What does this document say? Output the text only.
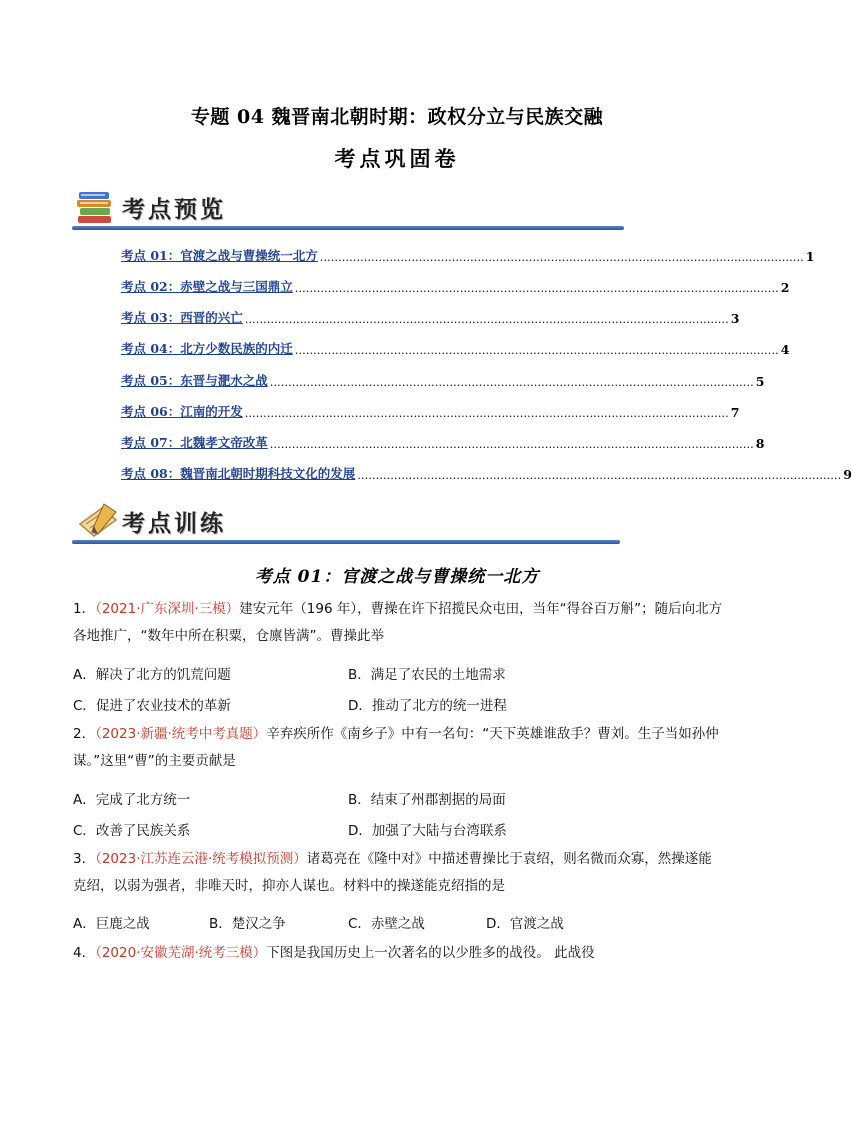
专题 04 魏晋南北朝时期：政权分立与民族交融
考点巩固卷
考点预览
考点 01：官渡之战与曹操统一北方 …………………………………………………………………………………………………………………… 1
考点 02：赤壁之战与三国鼎立 …………………………………………………………………………………………………………………… 2
考点 03：西晋的兴亡 …………………………………………………………………………………………………………………… 3
考点 04：北方少数民族的内迁 …………………………………………………………………………………………………………………… 4
考点 05：东晋与淝水之战 …………………………………………………………………………………………………………………… 5
考点 06：江南的开发 …………………………………………………………………………………………………………………… 7
考点 07：北魏孝文帝改革 …………………………………………………………………………………………………………………… 8
考点 08：魏晋南北朝时期科技文化的发展 …………………………………………………………………………………………………………………… 9
考点训练
考点 01：官渡之战与曹操统一北方
1．（2021·广东深圳·三模）建安元年（196 年），曹操在许下招揽民众屯田，当年“得谷百万斛”；随后向北方各地推广，“数年中所在积粟，仓廪皆满”。曹操此举
A．解决了北方的饥荒问题	B．满足了农民的土地需求
C．促进了农业技术的革新	D．推动了北方的统一进程
2．（2023·新疆·统考中考真题）辛弃疾所作《南乡子》中有一名句：“天下英雄谁敌手？曹刘。生子当如孙仲谋。”这里“曹”的主要贡献是
A．完成了北方统一	B．结束了州郡割据的局面
C．改善了民族关系	D．加强了大陆与台湾联系
3．（2023·江苏连云港·统考模拟预测）诸葛亮在《隆中对》中描述曹操比于袁绍，则名微而众寡，然操遂能克绍，以弱为强者，非唯天时，抑亦人谋也。材料中的操遂能克绍指的是
A．巨鹿之战	B．楚汉之争	C．赤壁之战	D．官渡之战
4．（2020·安徽芜湖·统考三模）下图是我国历史上一次著名的以少胜多的战役。 此战役
